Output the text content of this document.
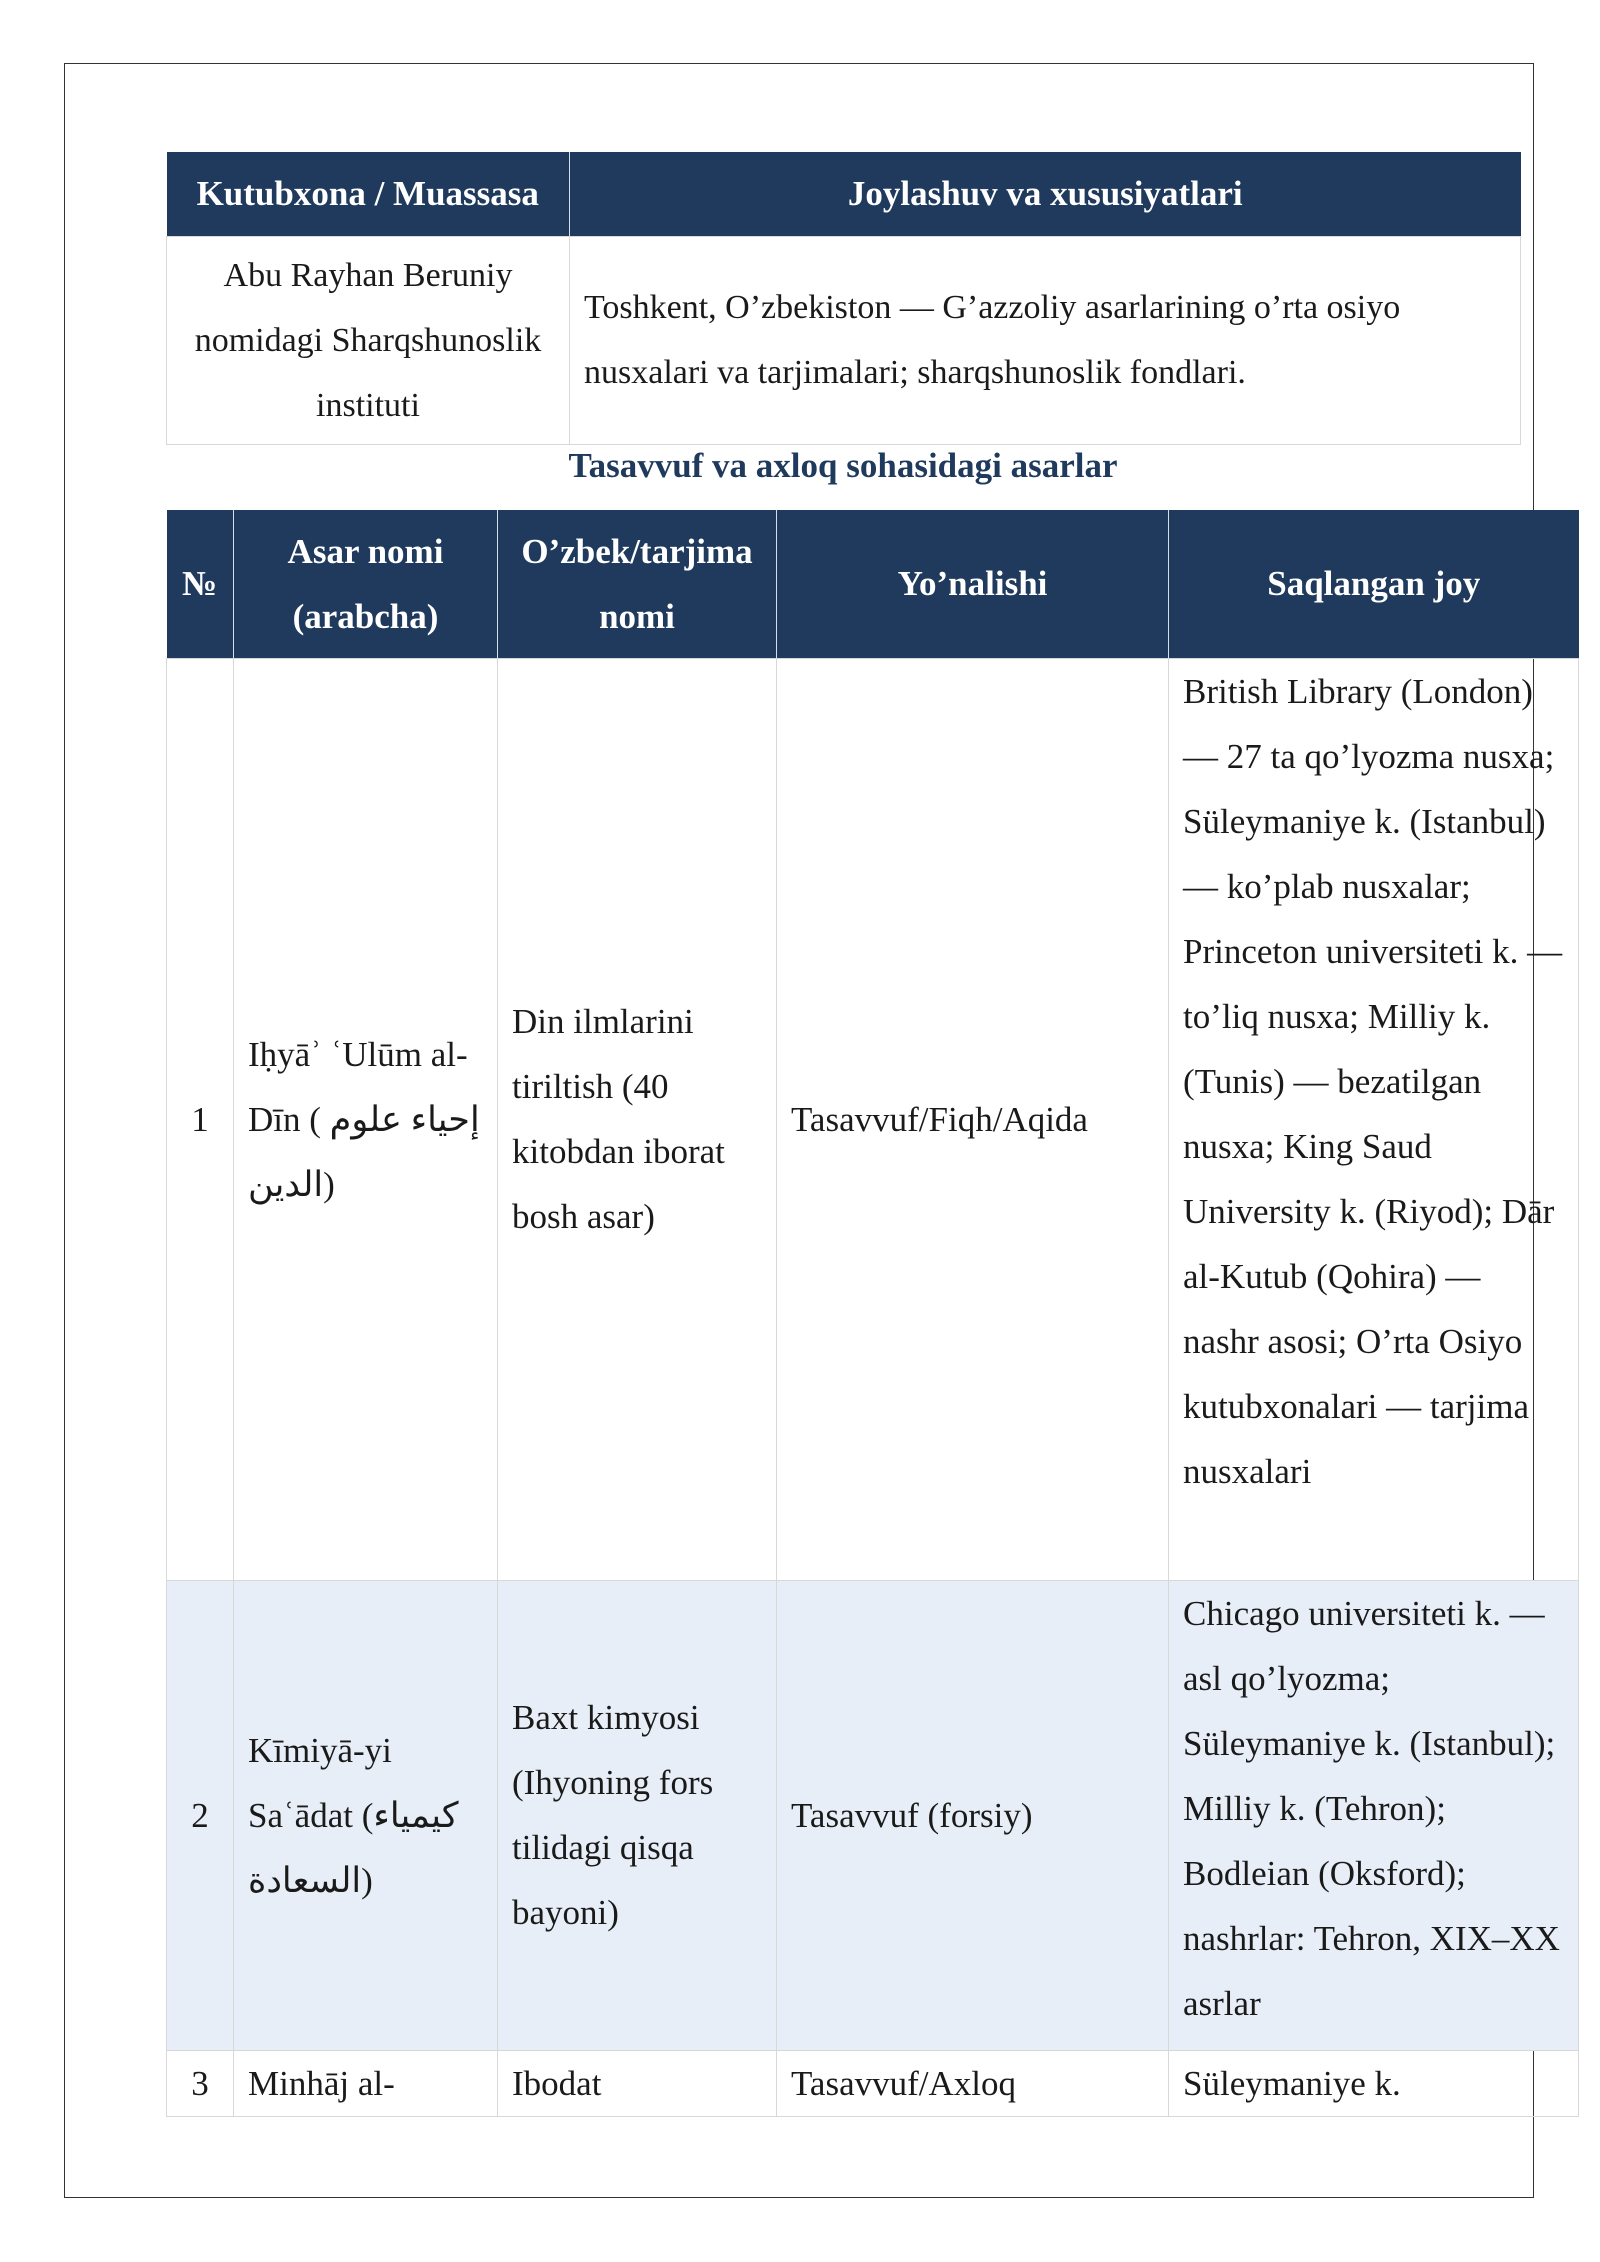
Kutubxona / Muassasa	Joylashuv va xususiyatlari
Abu Rayhan Beruniy nomidagi Sharqshunoslik instituti	Toshkent, O’zbekiston — G’azzoliy asarlarining o’rta osiyo nusxalari va tarjimalari; sharqshunoslik fondlari.
Tasavvuf va axloq sohasidagi asarlar
№	Asar nomi (arabcha)	O’zbek/tarjima nomi	Yo’nalishi	Saqlangan joy
1	Iḥyāʾ ʿUlūm al-Dīn ( إحياء علوم الدين)	Din ilmlarini tiriltish (40 kitobdan iborat bosh asar)	Tasavvuf/Fiqh/Aqida	British Library (London) — 27 ta qo’lyozma nusxa; Süleymaniye k. (Istanbul) — ko’plab nusxalar; Princeton universiteti k. — to’liq nusxa; Milliy k. (Tunis) — bezatilgan nusxa; King Saud University k. (Riyod); Dār al-Kutub (Qohira) — nashr asosi; O’rta Osiyo kutubxonalari — tarjima nusxalari
2	Kīmiyā-yi Saʿādat (كيمياء السعادة)	Baxt kimyosi (Ihyoning fors tilidagi qisqa bayoni)	Tasavvuf (forsiy)	Chicago universiteti k. — asl qo’lyozma; Süleymaniye k. (Istanbul); Milliy k. (Tehron); Bodleian (Oksford); nashrlar: Tehron, XIX–XX asrlar
3	Minhāj al-	Ibodat	Tasavvuf/Axloq	Süleymaniye k.
